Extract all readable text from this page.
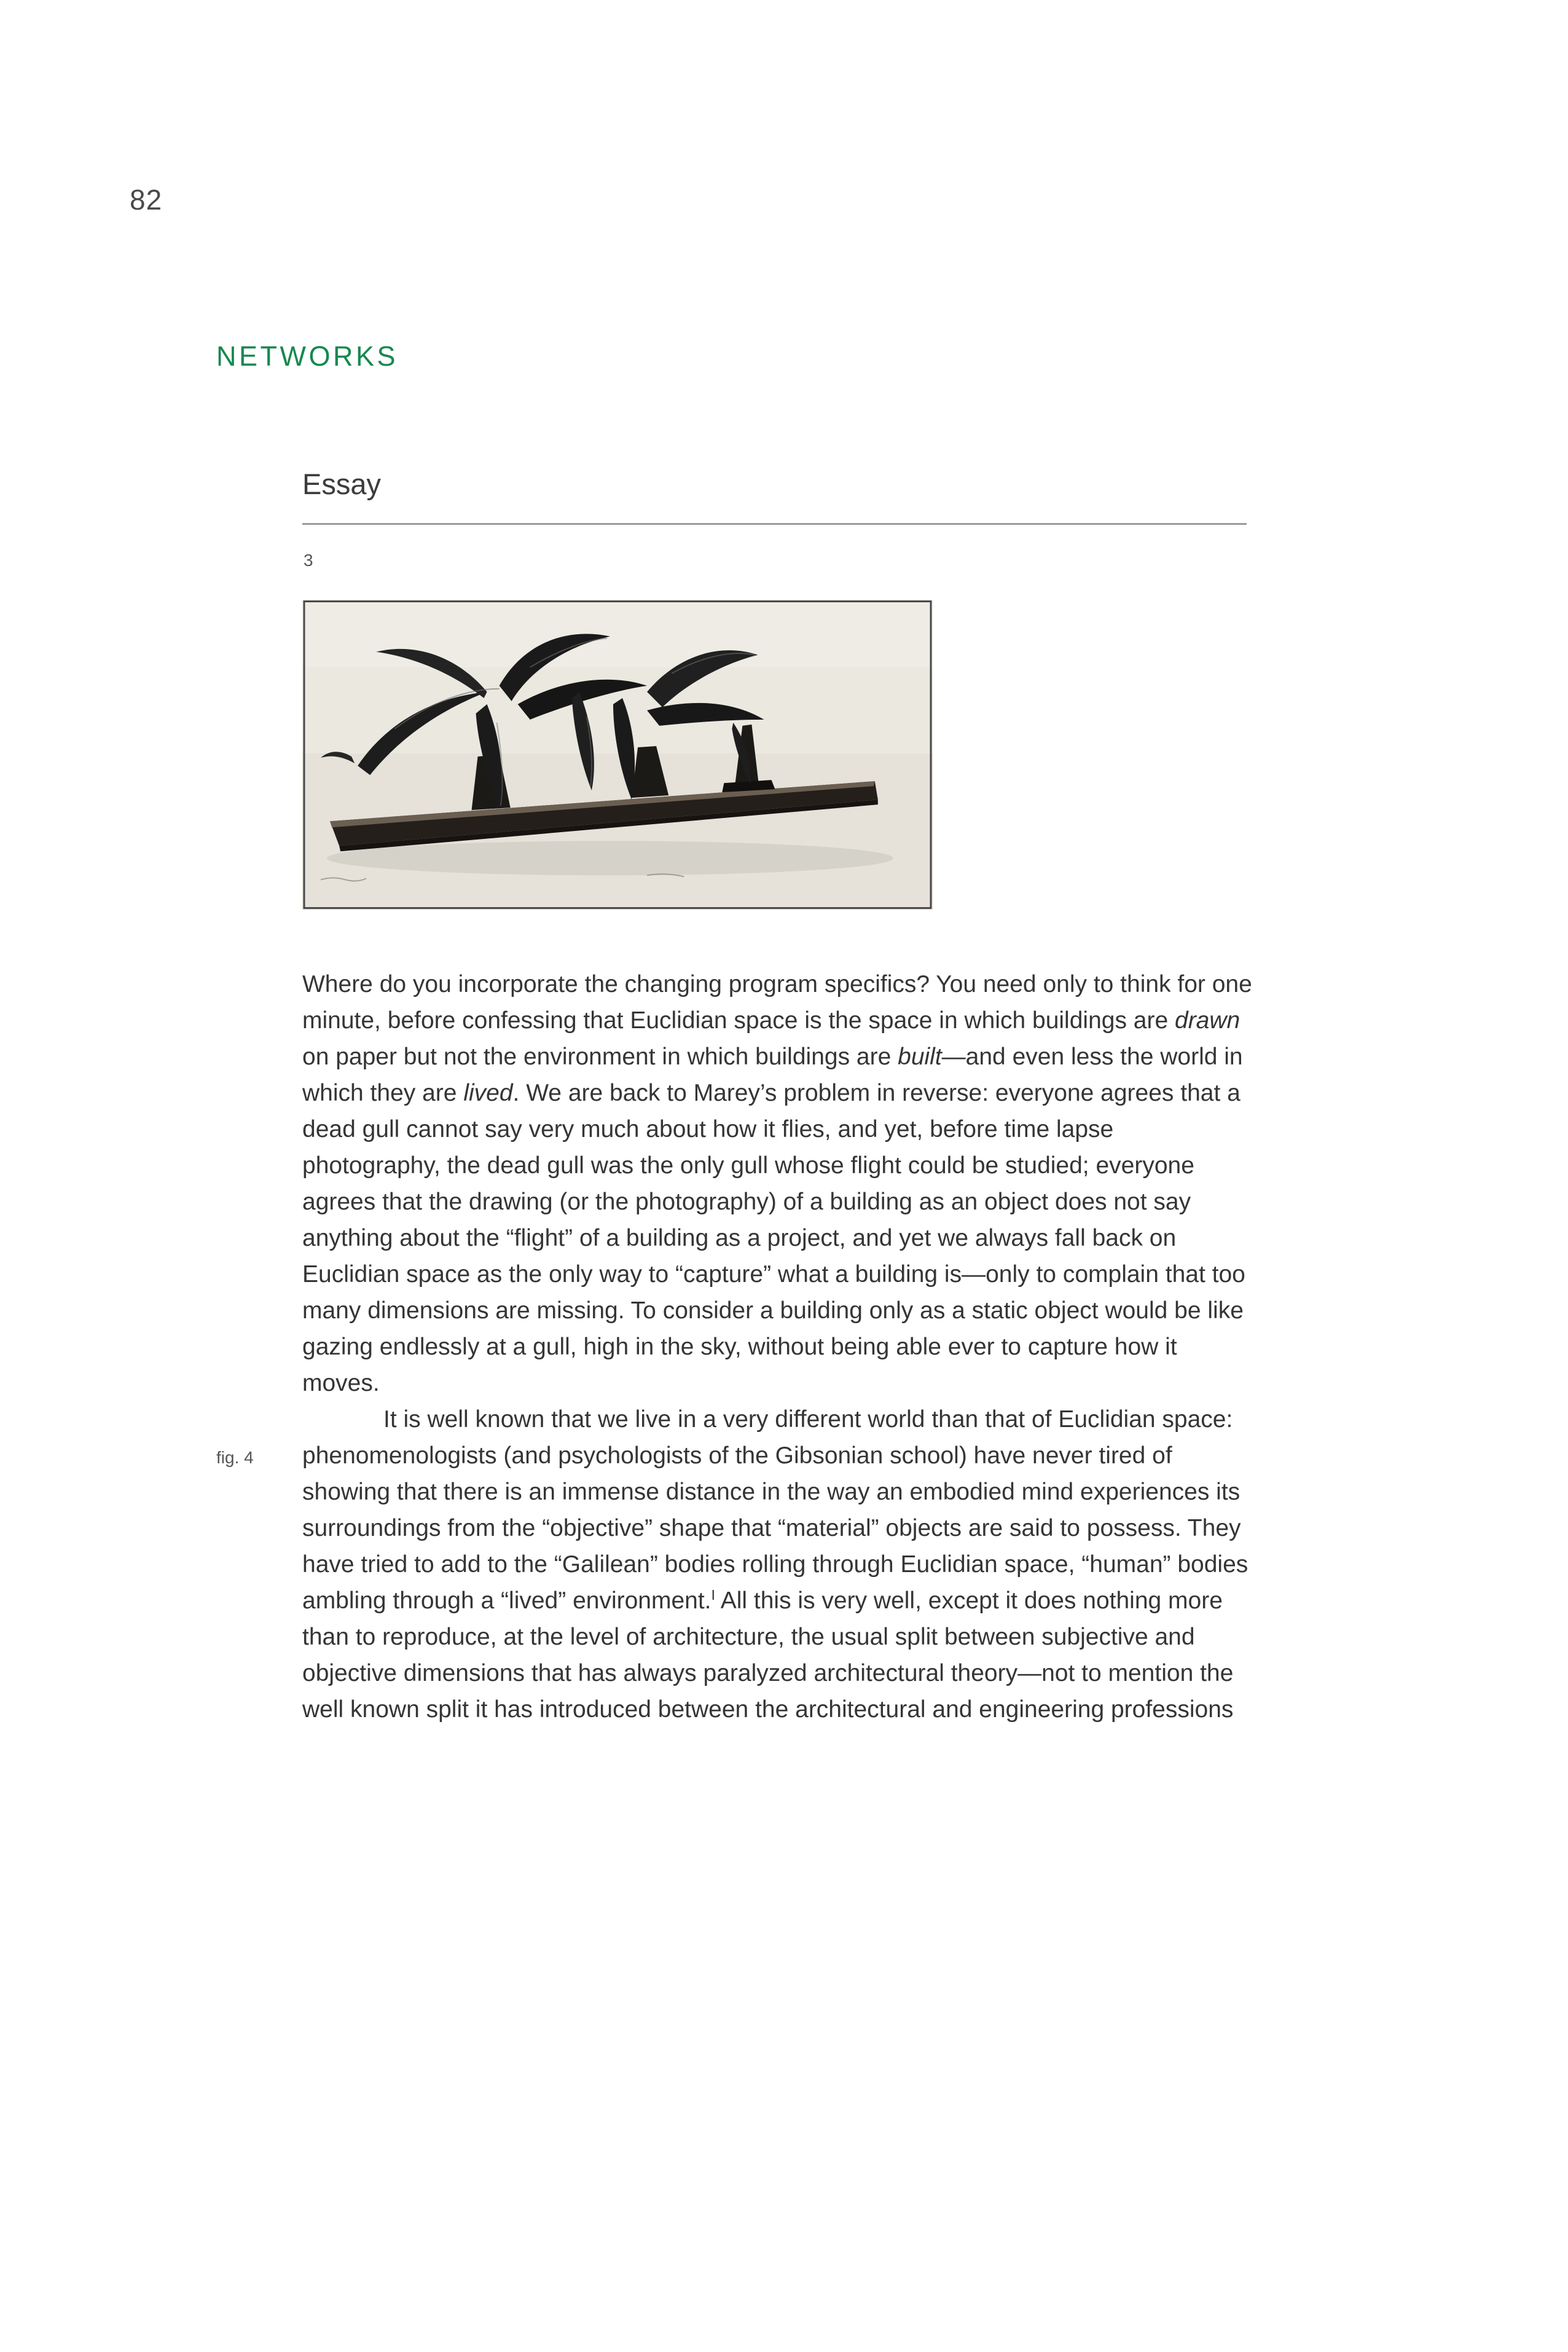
82
NETWORKS
Essay
3
fig. 4

Where do you incorporate the changing program specifics? You need only to think for one minute, before confessing that Euclidian space is the space in which buildings are drawn on paper but not the environment in which buildings are built—and even less the world in which they are lived. We are back to Marey’s problem in reverse: everyone agrees that a dead gull cannot say very much about how it flies, and yet, before time lapse photography, the dead gull was the only gull whose flight could be studied; everyone agrees that the drawing (or the photography) of a building as an object does not say anything about the “flight” of a building as a project, and yet we always fall back on Euclidian space as the only way to “capture” what a building is—only to complain that too many dimensions are missing. To consider a building only as a static object would be like gazing endlessly at a gull, high in the sky, without being able ever to capture how it moves.

It is well known that we live in a very different world than that of Euclidian space: phenomenologists (and psychologists of the Gibsonian school) have never tired of showing that there is an immense distance in the way an embodied mind experiences its surroundings from the “objective” shape that “material” objects are said to possess. They have tried to add to the “Galilean” bodies rolling through Euclidian space, “human” bodies ambling through a “lived” environment.$^I$ All this is very well, except it does nothing more than to reproduce, at the level of architecture, the usual split between subjective and objective dimensions that has always paralyzed architectural theory—not to mention the well known split it has introduced between the architectural and engineering professions
